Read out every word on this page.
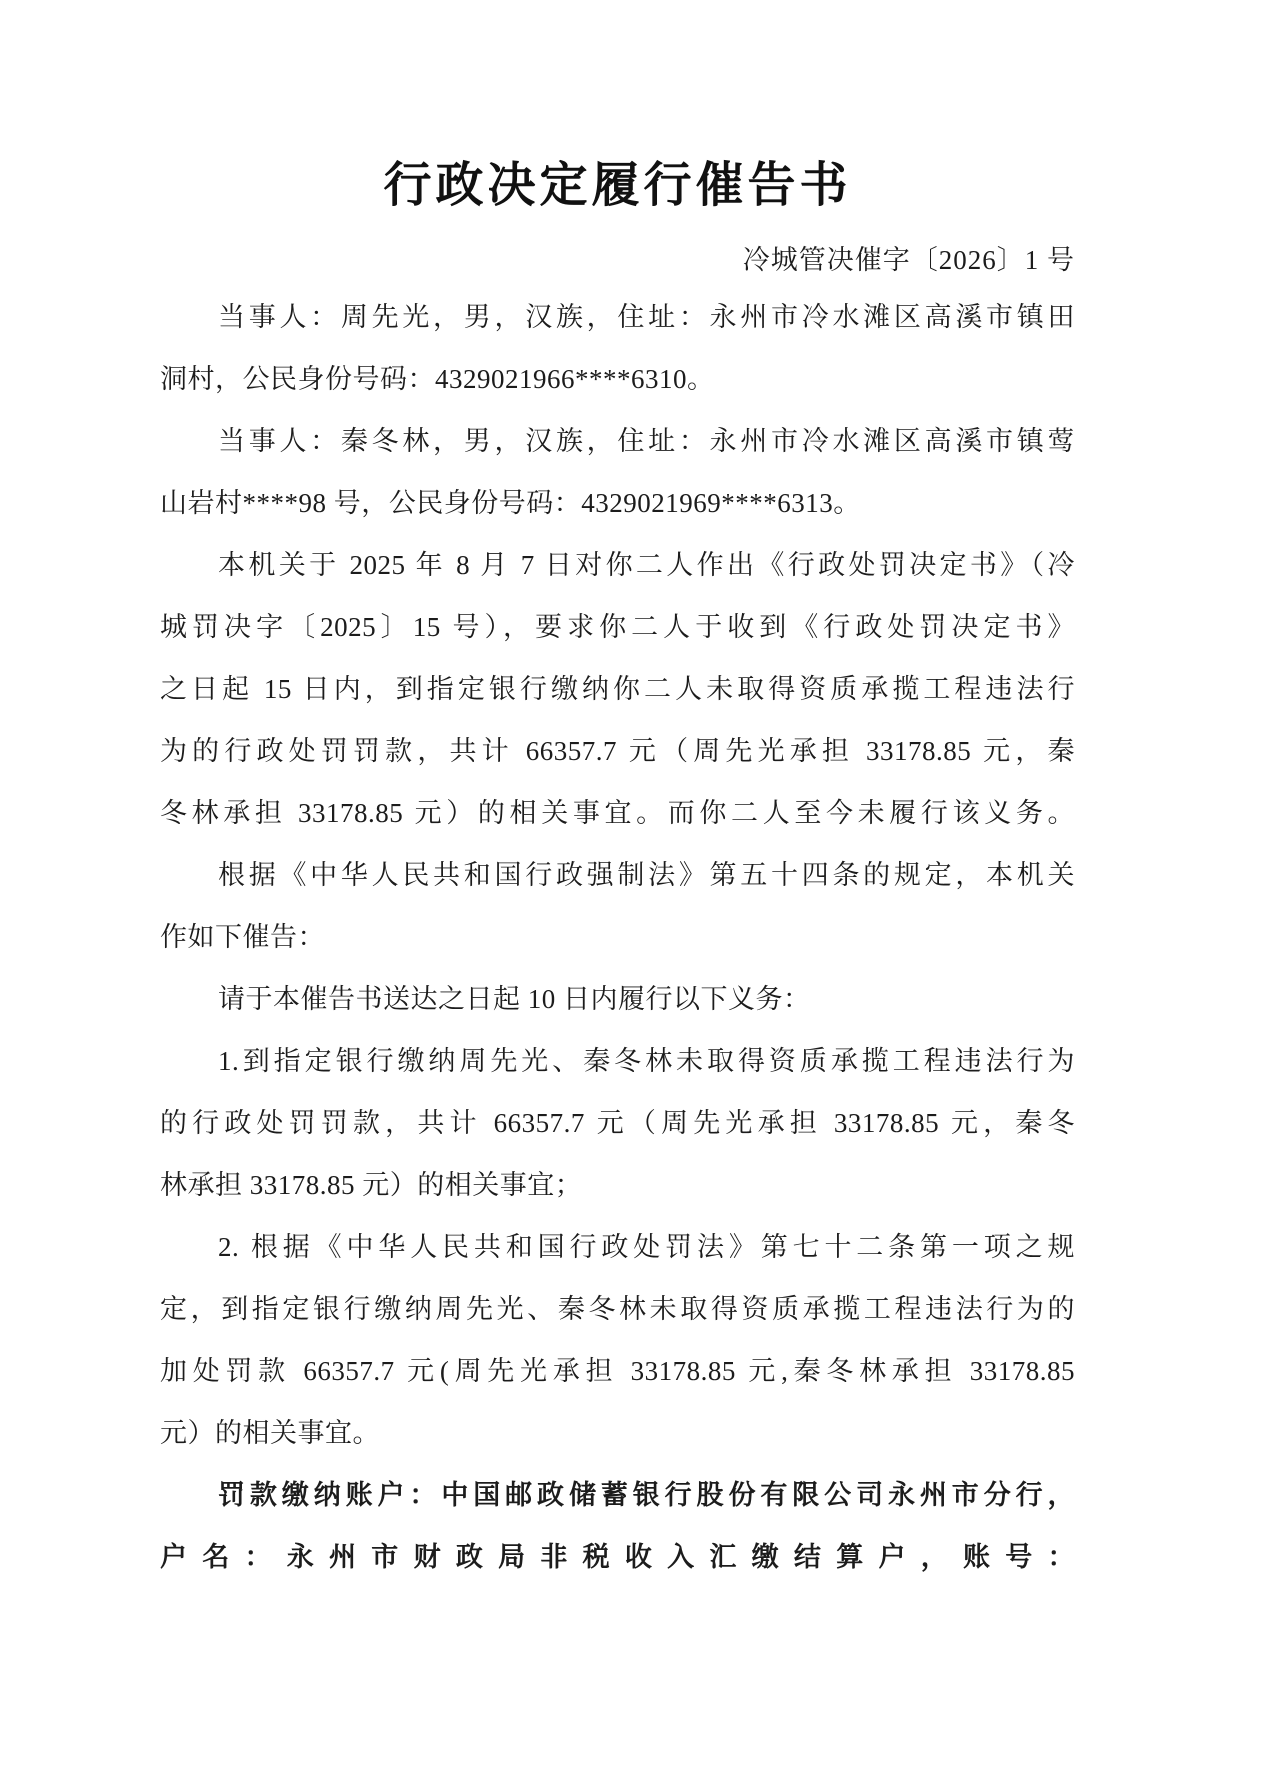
行政决定履行催告书
冷城管决催字〔2026〕1 号
当事人：周先光，男，汉族，住址：永州市冷水滩区高溪市镇田
洞村，公民身份号码：4329021966****6310。
当事人：秦冬林，男，汉族，住址：永州市冷水滩区高溪市镇莺
山岩村****98 号，公民身份号码：4329021969****6313。
本机关于 2025 年 8 月 7 日对你二人作出《行政处罚决定书》（冷
城罚决字〔2025〕15 号），要求你二人于收到《行政处罚决定书》
之日起 15 日内，到指定银行缴纳你二人未取得资质承揽工程违法行
为的行政处罚罚款，共计 66357.7 元（周先光承担 33178.85 元，秦
冬林承担 33178.85 元）的相关事宜。而你二人至今未履行该义务。
根据《中华人民共和国行政强制法》第五十四条的规定，本机关
作如下催告：
请于本催告书送达之日起 10 日内履行以下义务：
1.到指定银行缴纳周先光、秦冬林未取得资质承揽工程违法行为
的行政处罚罚款，共计 66357.7 元（周先光承担 33178.85 元，秦冬
林承担 33178.85 元）的相关事宜；
2. 根据《中华人民共和国行政处罚法》第七十二条第一项之规
定，到指定银行缴纳周先光、秦冬林未取得资质承揽工程违法行为的
加处罚款 66357.7 元(周先光承担 33178.85 元,秦冬林承担 33178.85
元）的相关事宜。
罚款缴纳账户：中国邮政储蓄银行股份有限公司永州市分行，
户名：永州市财政局非税收入汇缴结算户，账号：
